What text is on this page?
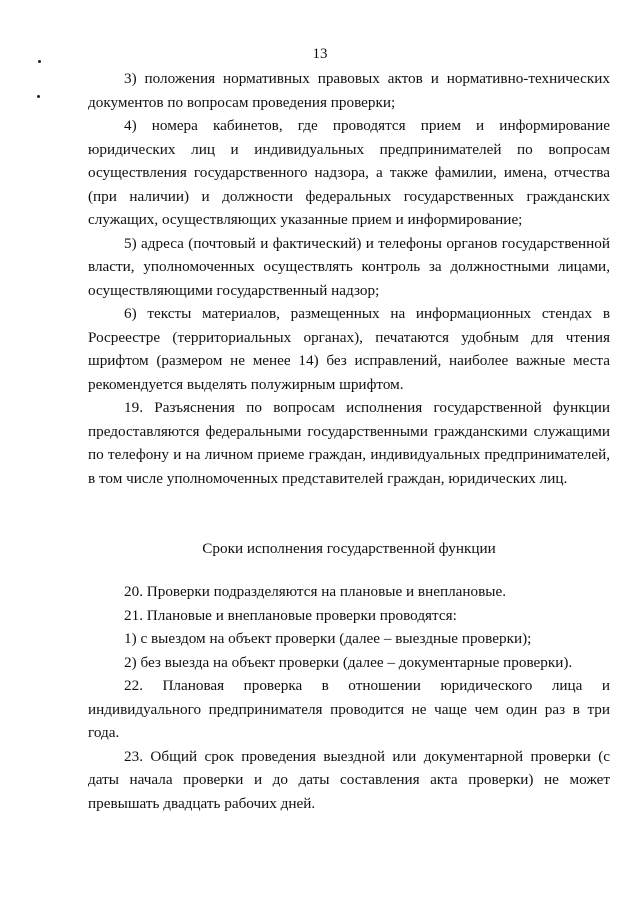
13

3) положения нормативных правовых актов и нормативно-технических документов по вопросам проведения проверки;

4) номера кабинетов, где проводятся прием и информирование юридических лиц и индивидуальных предпринимателей по вопросам осуществления государственного надзора, а также фамилии, имена, отчества (при наличии) и должности федеральных государственных гражданских служащих, осуществляющих указанные прием и информирование;

5) адреса (почтовый и фактический) и телефоны органов государственной власти, уполномоченных осуществлять контроль за должностными лицами, осуществляющими государственный надзор;

6) тексты материалов, размещенных на информационных стендах в Росреестре (территориальных органах), печатаются удобным для чтения шрифтом (размером не менее 14) без исправлений, наиболее важные места рекомендуется выделять полужирным шрифтом.

19. Разъяснения по вопросам исполнения государственной функции предоставляются федеральными государственными гражданскими служащими по телефону и на личном приеме граждан, индивидуальных предпринимателей, в том числе уполномоченных представителей граждан, юридических лиц.

Сроки исполнения государственной функции

20. Проверки подразделяются на плановые и внеплановые.

21. Плановые и внеплановые проверки проводятся:

1) с выездом на объект проверки (далее – выездные проверки);

2) без выезда на объект проверки (далее – документарные проверки).

22. Плановая проверка в отношении юридического лица и индивидуального предпринимателя проводится не чаще чем один раз в три года.

23. Общий срок проведения выездной или документарной проверки (с даты начала проверки и до даты составления акта проверки) не может превышать двадцать рабочих дней.
